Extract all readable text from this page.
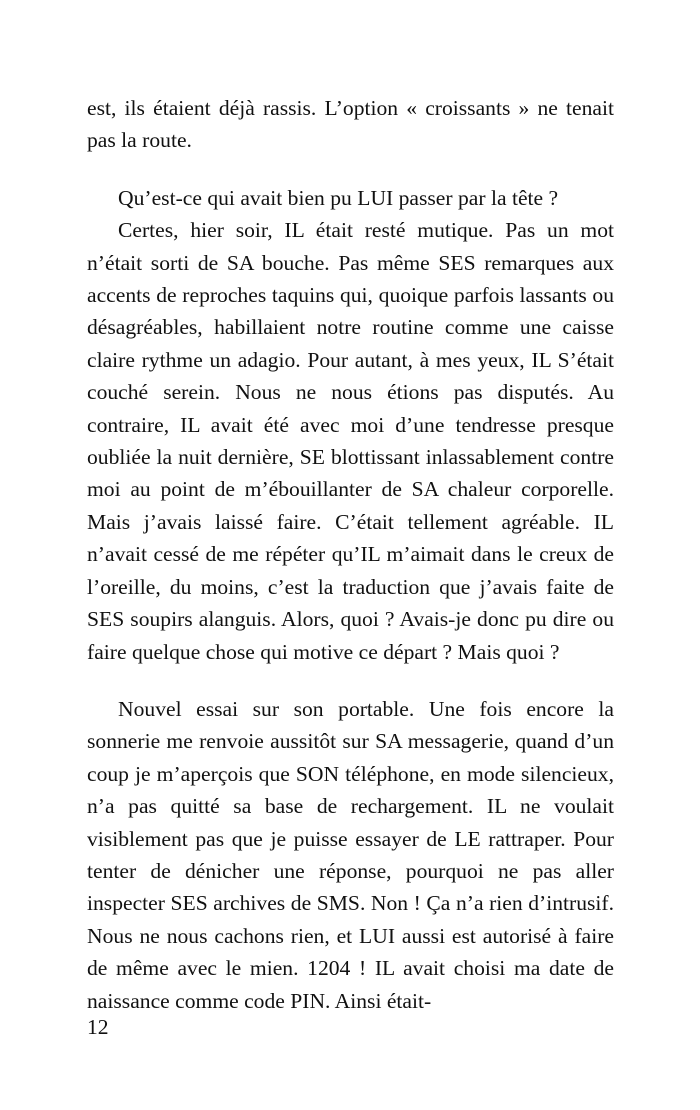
est, ils étaient déjà rassis. L’option « croissants » ne tenait pas la route.

Qu’est-ce qui avait bien pu LUI passer par la tête ?

Certes, hier soir, IL était resté mutique. Pas un mot n’était sorti de SA bouche. Pas même SES remarques aux accents de reproches taquins qui, quoique parfois lassants ou désagréables, habillaient notre routine comme une caisse claire rythme un adagio. Pour autant, à mes yeux, IL S’était couché serein. Nous ne nous étions pas disputés. Au contraire, IL avait été avec moi d’une tendresse presque oubliée la nuit dernière, SE blottissant inlassablement contre moi au point de m’ébouillanter de SA chaleur corporelle. Mais j’avais laissé faire. C’était tellement agréable. IL n’avait cessé de me répéter qu’IL m’aimait dans le creux de l’oreille, du moins, c’est la traduction que j’avais faite de SES soupirs alanguis. Alors, quoi ? Avais-je donc pu dire ou faire quelque chose qui motive ce départ ? Mais quoi ?

Nouvel essai sur son portable. Une fois encore la sonnerie me renvoie aussitôt sur SA messagerie, quand d’un coup je m’aperçois que SON téléphone, en mode silencieux, n’a pas quitté sa base de rechargement. IL ne voulait visiblement pas que je puisse essayer de LE rattraper. Pour tenter de dénicher une réponse, pourquoi ne pas aller inspecter SES archives de SMS. Non ! Ça n’a rien d’intrusif. Nous ne nous cachons rien, et LUI aussi est autorisé à faire de même avec le mien. 1204 ! IL avait choisi ma date de naissance comme code PIN. Ainsi était-

12
